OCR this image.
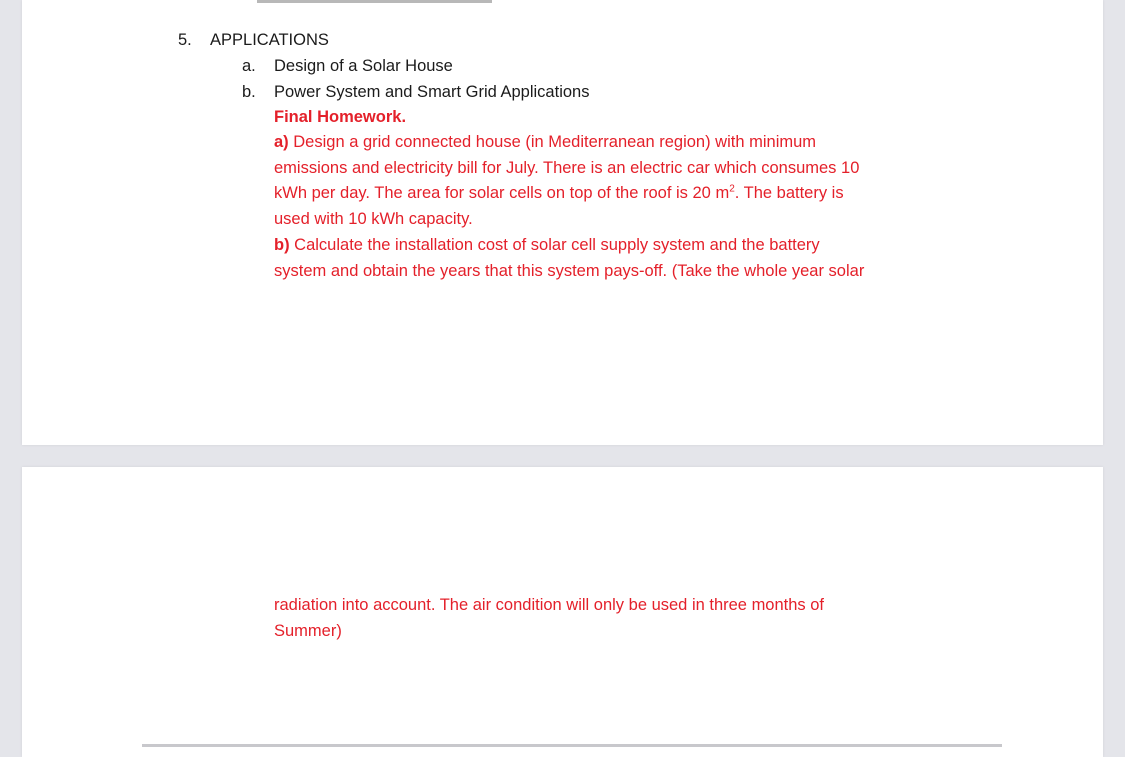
5. APPLICATIONS
a. Design of a Solar House
b. Power System and Smart Grid Applications
Final Homework.
a) Design a grid connected house (in Mediterranean region) with minimum
emissions and electricity bill for July. There is an electric car which consumes 10
kWh per day. The area for solar cells on top of the roof is 20 $m^2$. The battery is
used with 10 kWh capacity.
b) Calculate the installation cost of solar cell supply system and the battery
system and obtain the years that this system pays-off. (Take the whole year solar
radiation into account. The air condition will only be used in three months of
Summer)
